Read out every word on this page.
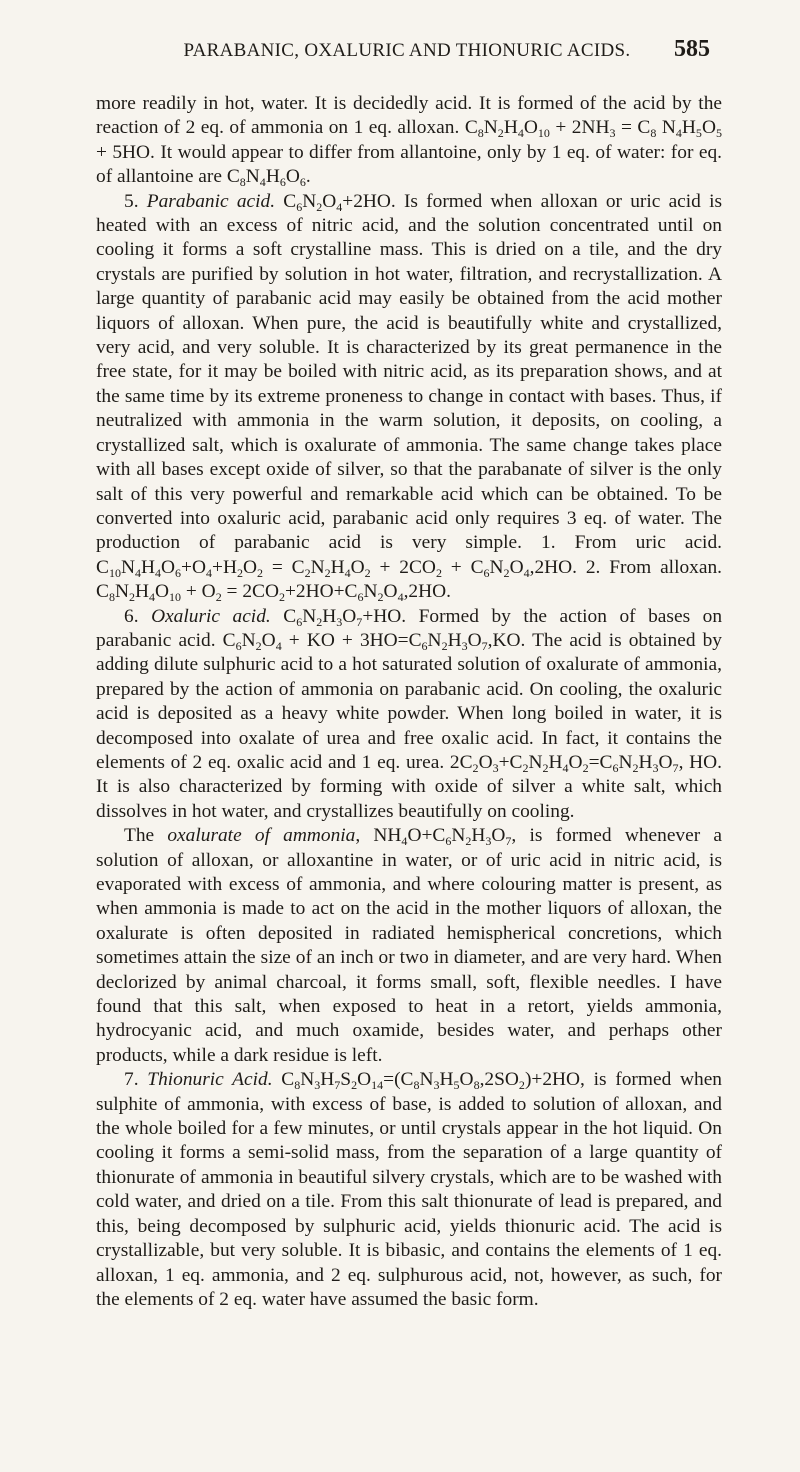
PARABANIC, OXALURIC AND THIONURIC ACIDS.	585

more readily in hot, water. It is decidedly acid. It is formed of the acid by the reaction of 2 eq. of ammonia on 1 eq. alloxan. $C_8N_2H_4O_{10} + 2NH_3 = C_8$ $N_4H_5O_5 + 5HO$. It would appear to differ from allantoine, only by 1 eq. of water: for eq. of allantoine are $C_8N_4H_6O_6$.

5. Parabanic acid. $C_6N_2O_4+2HO$. Is formed when alloxan or uric acid is heated with an excess of nitric acid, and the solution concentrated until on cooling it forms a soft crystalline mass. This is dried on a tile, and the dry crystals are purified by solution in hot water, filtration, and recrystallization. A large quantity of parabanic acid may easily be obtained from the acid mother liquors of alloxan. When pure, the acid is beautifully white and crystallized, very acid, and very soluble. It is characterized by its great permanence in the free state, for it may be boiled with nitric acid, as its preparation shows, and at the same time by its extreme proneness to change in contact with bases. Thus, if neutralized with ammonia in the warm solution, it deposits, on cooling, a crystallized salt, which is oxalurate of ammonia. The same change takes place with all bases except oxide of silver, so that the parabanate of silver is the only salt of this very powerful and remarkable acid which can be obtained. To be converted into oxaluric acid, parabanic acid only requires 3 eq. of water. The production of parabanic acid is very simple. 1. From uric acid. $C_{10}N_4H_4O_6+O_4+H_2O_2 = C_2N_2H_4O_2 + 2CO_2 + C_6N_2O_4,2HO$. 2. From alloxan. $C_8N_2H_4O_{10} + O_2 = 2CO_2+2HO+C_6N_2O_4,2HO$.

6. Oxaluric acid. $C_6N_2H_3O_7+HO$. Formed by the action of bases on parabanic acid. $C_6N_2O_4$ + KO + $3HO=C_6N_2H_3O_7,KO$. The acid is obtained by adding dilute sulphuric acid to a hot saturated solution of oxalurate of ammonia, prepared by the action of ammonia on parabanic acid. On cooling, the oxaluric acid is deposited as a heavy white powder. When long boiled in water, it is decomposed into oxalate of urea and free oxalic acid. In fact, it contains the elements of 2 eq. oxalic acid and 1 eq. urea. $2C_2O_3+C_2N_2H_4O_2=C_6N_2H_3O_7$, HO. It is also characterized by forming with oxide of silver a white salt, which dissolves in hot water, and crystallizes beautifully on cooling.

The oxalurate of ammonia, $NH_4O+C_6N_2H_3O_7$, is formed whenever a solution of alloxan, or alloxantine in water, or of uric acid in nitric acid, is evaporated with excess of ammonia, and where colouring matter is present, as when ammonia is made to act on the acid in the mother liquors of alloxan, the oxalurate is often deposited in radiated hemispherical concretions, which sometimes attain the size of an inch or two in diameter, and are very hard. When declorized by animal charcoal, it forms small, soft, flexible needles. I have found that this salt, when exposed to heat in a retort, yields ammonia, hydrocyanic acid, and much oxamide, besides water, and perhaps other products, while a dark residue is left.

7. Thionuric Acid. $C_8N_3H_7S_2O_{14}=(C_8N_3H_5O_8,2SO_2)+2HO$, is formed when sulphite of ammonia, with excess of base, is added to solution of alloxan, and the whole boiled for a few minutes, or until crystals appear in the hot liquid. On cooling it forms a semi-solid mass, from the separation of a large quantity of thionurate of ammonia in beautiful silvery crystals, which are to be washed with cold water, and dried on a tile. From this salt thionurate of lead is prepared, and this, being decomposed by sulphuric acid, yields thionuric acid. The acid is crystallizable, but very soluble. It is bibasic, and contains the elements of 1 eq. alloxan, 1 eq. ammonia, and 2 eq. sulphurous acid, not, however, as such, for the elements of 2 eq. water have assumed the basic form.
